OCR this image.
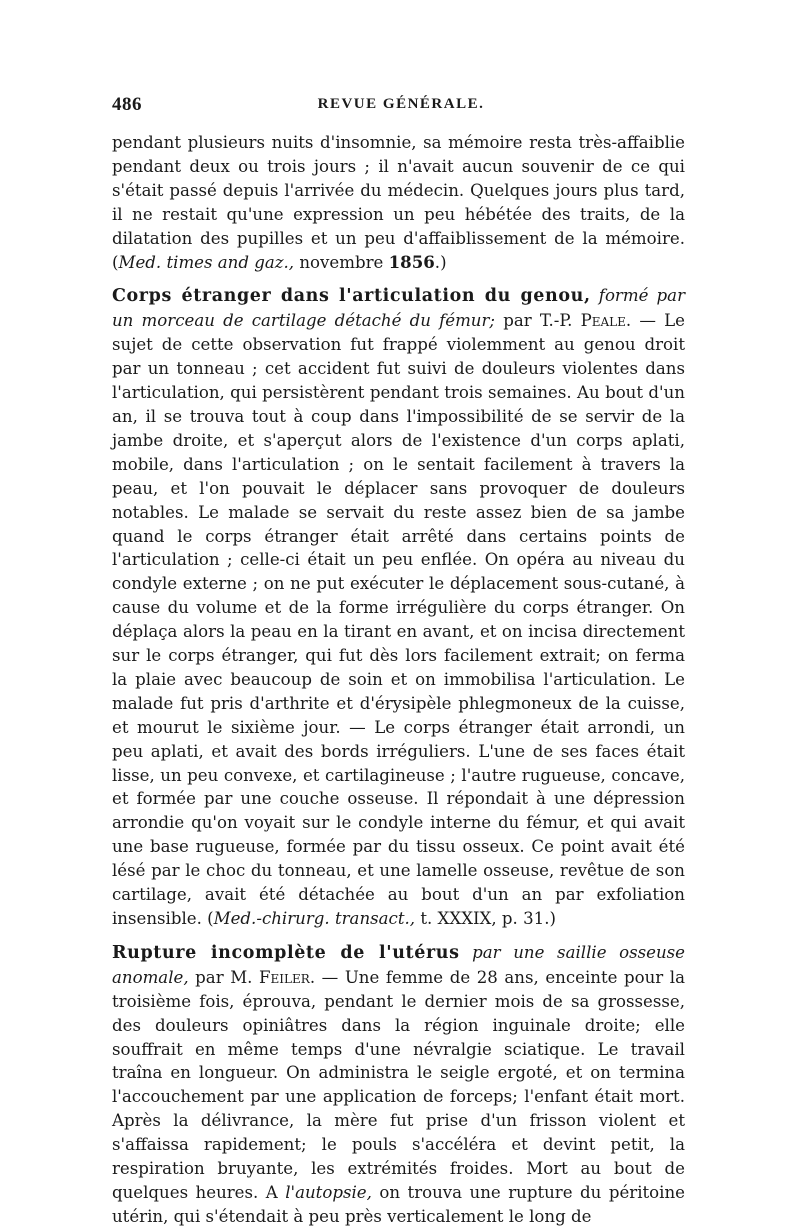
486	REVUE GÉNÉRALE.

pendant plusieurs nuits d'insomnie, sa mémoire resta très-affaiblie pendant deux ou trois jours ; il n'avait aucun souvenir de ce qui s'était passé depuis l'arrivée du médecin. Quelques jours plus tard, il ne restait qu'une expression un peu hébétée des traits, de la dilatation des pupilles et un peu d'affaiblissement de la mémoire. (Med. times and gaz., novembre 1856.)

Corps étranger dans l'articulation du genou, formé par un morceau de cartilage détaché du fémur; par T.-P. Peale. — Le sujet de cette observation fut frappé violemment au genou droit par un tonneau ; cet accident fut suivi de douleurs violentes dans l'articulation, qui persistèrent pendant trois semaines. Au bout d'un an, il se trouva tout à coup dans l'impossibilité de se servir de la jambe droite, et s'aperçut alors de l'existence d'un corps aplati, mobile, dans l'articulation ; on le sentait facilement à travers la peau, et l'on pouvait le déplacer sans provoquer de douleurs notables. Le malade se servait du reste assez bien de sa jambe quand le corps étranger était arrêté dans certains points de l'articulation ; celle-ci était un peu enflée. On opéra au niveau du condyle externe ; on ne put exécuter le déplacement sous-cutané, à cause du volume et de la forme irrégulière du corps étranger. On déplaça alors la peau en la tirant en avant, et on incisa directement sur le corps étranger, qui fut dès lors facilement extrait; on ferma la plaie avec beaucoup de soin et on immobilisa l'articulation. Le malade fut pris d'arthrite et d'érysipèle phlegmoneux de la cuisse, et mourut le sixième jour. — Le corps étranger était arrondi, un peu aplati, et avait des bords irréguliers. L'une de ses faces était lisse, un peu convexe, et cartilagineuse ; l'autre rugueuse, concave, et formée par une couche osseuse. Il répondait à une dépression arrondie qu'on voyait sur le condyle interne du fémur, et qui avait une base rugueuse, formée par du tissu osseux. Ce point avait été lésé par le choc du tonneau, et une lamelle osseuse, revêtue de son cartilage, avait été détachée au bout d'un an par exfoliation insensible. (Med.-chirurg. transact., t. XXXIX, p. 31.)

Rupture incomplète de l'utérus par une saillie osseuse anomale, par M. Feiler. — Une femme de 28 ans, enceinte pour la troisième fois, éprouva, pendant le dernier mois de sa grossesse, des douleurs opiniâtres dans la région inguinale droite; elle souffrait en même temps d'une névralgie sciatique. Le travail traîna en longueur. On administra le seigle ergoté, et on termina l'accouchement par une application de forceps; l'enfant était mort. Après la délivrance, la mère fut prise d'un frisson violent et s'affaissa rapidement; le pouls s'accéléra et devint petit, la respiration bruyante, les extrémités froides. Mort au bout de quelques heures. A l'autopsie, on trouva une rupture du péritoine utérin, qui s'étendait à peu près verticalement le long de
